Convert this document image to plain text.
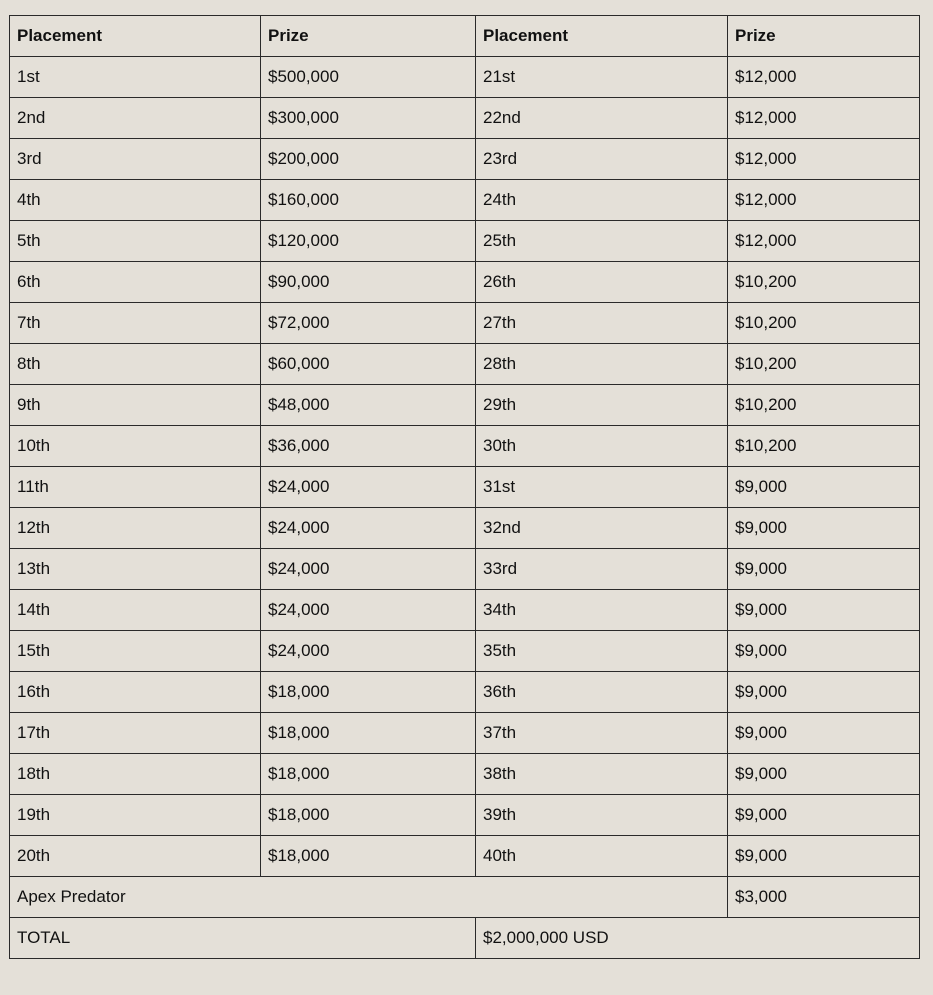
Placement	Prize	Placement	Prize
1st	$500,000	21st	$12,000
2nd	$300,000	22nd	$12,000
3rd	$200,000	23rd	$12,000
4th	$160,000	24th	$12,000
5th	$120,000	25th	$12,000
6th	$90,000	26th	$10,200
7th	$72,000	27th	$10,200
8th	$60,000	28th	$10,200
9th	$48,000	29th	$10,200
10th	$36,000	30th	$10,200
11th	$24,000	31st	$9,000
12th	$24,000	32nd	$9,000
13th	$24,000	33rd	$9,000
14th	$24,000	34th	$9,000
15th	$24,000	35th	$9,000
16th	$18,000	36th	$9,000
17th	$18,000	37th	$9,000
18th	$18,000	38th	$9,000
19th	$18,000	39th	$9,000
20th	$18,000	40th	$9,000
Apex Predator			$3,000
TOTAL		$2,000,000 USD	
